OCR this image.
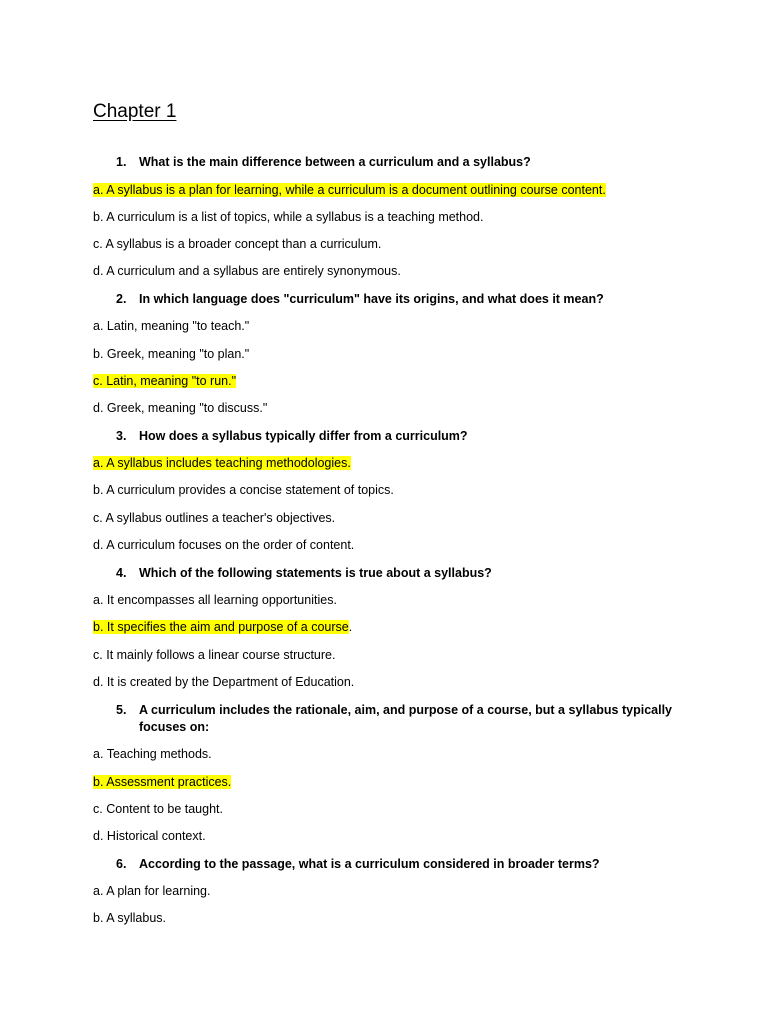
Chapter 1
1.	What is the main difference between a curriculum and a syllabus?
a. A syllabus is a plan for learning, while a curriculum is a document outlining course content.
b. A curriculum is a list of topics, while a syllabus is a teaching method.
c. A syllabus is a broader concept than a curriculum.
d. A curriculum and a syllabus are entirely synonymous.
2.	In which language does "curriculum" have its origins, and what does it mean?
a. Latin, meaning "to teach."
b. Greek, meaning "to plan."
c. Latin, meaning "to run."
d. Greek, meaning "to discuss."
3.	How does a syllabus typically differ from a curriculum?
a. A syllabus includes teaching methodologies.
b. A curriculum provides a concise statement of topics.
c. A syllabus outlines a teacher's objectives.
d. A curriculum focuses on the order of content.
4.	Which of the following statements is true about a syllabus?
a. It encompasses all learning opportunities.
b. It specifies the aim and purpose of a course.
c. It mainly follows a linear course structure.
d. It is created by the Department of Education.
5.	A curriculum includes the rationale, aim, and purpose of a course, but a syllabus typically focuses on:
a. Teaching methods.
b. Assessment practices.
c. Content to be taught.
d. Historical context.
6.	According to the passage, what is a curriculum considered in broader terms?
a. A plan for learning.
b. A syllabus.
